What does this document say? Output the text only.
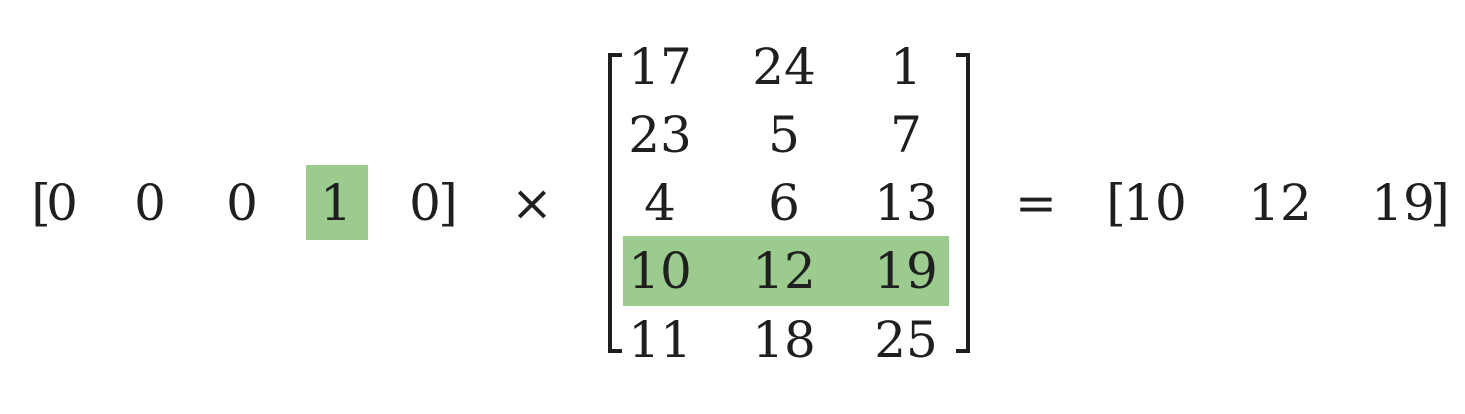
[
0 0 0 1 0
] ×
17 24 1
23 5 7
4 6 13
10 12 19
11 18 25
= [
10 12 19
]
